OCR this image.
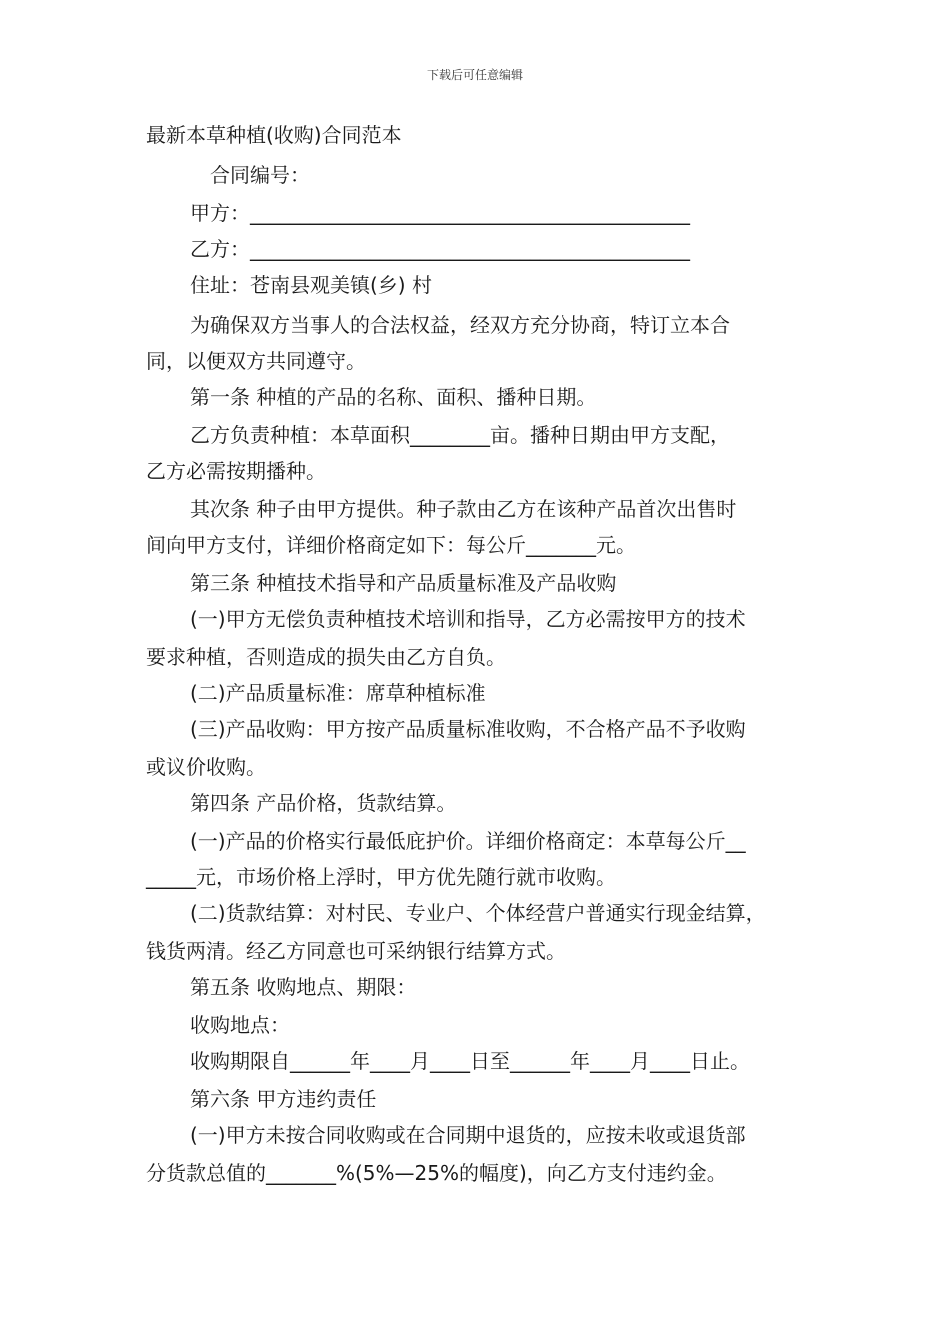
下载后可任意编辑
最新本草种植(收购)合同范本
合同编号：
甲方：____________________________________________
乙方：____________________________________________
住址：苍南县观美镇(乡) 村
为确保双方当事人的合法权益，经双方充分协商，特订立本合
同，以便双方共同遵守。
第一条 种植的产品的名称、面积、播种日期。
乙方负责种植：本草面积________亩。播种日期由甲方支配，
乙方必需按期播种。
其次条 种子由甲方提供。种子款由乙方在该种产品首次出售时
间向甲方支付，详细价格商定如下：每公斤_______元。
第三条 种植技术指导和产品质量标准及产品收购
(一)甲方无偿负责种植技术培训和指导，乙方必需按甲方的技术
要求种植，否则造成的损失由乙方自负。
(二)产品质量标准：席草种植标准
(三)产品收购：甲方按产品质量标准收购，不合格产品不予收购
或议价收购。
第四条 产品价格，货款结算。
(一)产品的价格实行最低庇护价。详细价格商定：本草每公斤__
_____元，市场价格上浮时，甲方优先随行就市收购。
(二)货款结算：对村民、专业户、个体经营户普通实行现金结算，
钱货两清。经乙方同意也可采纳银行结算方式。
第五条 收购地点、期限：
收购地点：
收购期限自______年____月____日至______年____月____日止。
第六条 甲方违约责任
(一)甲方未按合同收购或在合同期中退货的，应按未收或退货部
分货款总值的_______%(5%—25%的幅度)，向乙方支付违约金。
